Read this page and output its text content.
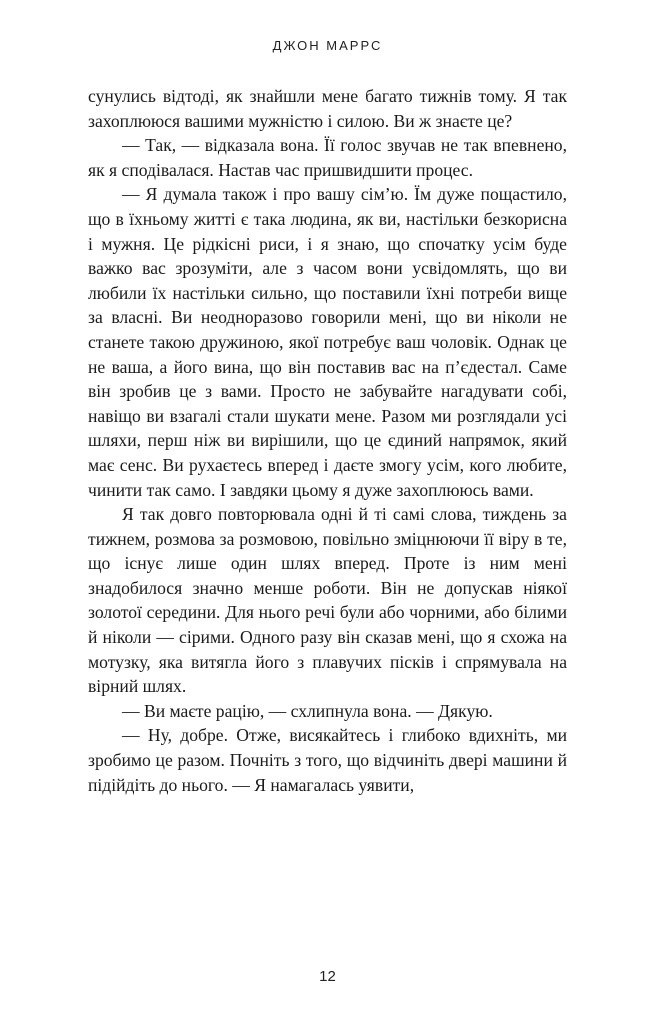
ДЖОН МАРРС

сунулись відтоді, як знайшли мене багато тижнів тому. Я так захоплююся вашими мужністю і силою. Ви ж знаєте це?

— Так, — відказала вона. Її голос звучав не так впевнено, як я сподівалася. Настав час пришвидшити процес.

— Я думала також і про вашу сім’ю. Їм дуже пощастило, що в їхньому житті є така людина, як ви, настільки безкорисна і мужня. Це рідкісні риси, і я знаю, що спочатку усім буде важко вас зрозуміти, але з часом вони усвідомлять, що ви любили їх настільки сильно, що поставили їхні потреби вище за власні. Ви неодноразово говорили мені, що ви ніколи не станете такою дружиною, якої потребує ваш чоловік. Однак це не ваша, а його вина, що він поставив вас на п’єдестал. Саме він зробив це з вами. Просто не забувайте нагадувати собі, навіщо ви взагалі стали шукати мене. Разом ми розглядали усі шляхи, перш ніж ви вирішили, що це єдиний напрямок, який має сенс. Ви рухаєтесь вперед і даєте змогу усім, кого любите, чинити так само. І завдяки цьому я дуже захоплююсь вами.

Я так довго повторювала одні й ті самі слова, тиждень за тижнем, розмова за розмовою, повільно зміцнюючи її віру в те, що існує лише один шлях вперед. Проте із ним мені знадобилося значно менше роботи. Він не допускав ніякої золотої середини. Для нього речі були або чорними, або білими й ніколи — сірими. Одного разу він сказав мені, що я схожа на мотузку, яка витягла його з плавучих пісків і спрямувала на вірний шлях.

— Ви маєте рацію, — схлипнула вона. — Дякую.

— Ну, добре. Отже, висякайтесь і глибоко вдихніть, ми зробимо це разом. Почніть з того, що відчиніть двері машини й підійдіть до нього. — Я намагалась уявити,

12
